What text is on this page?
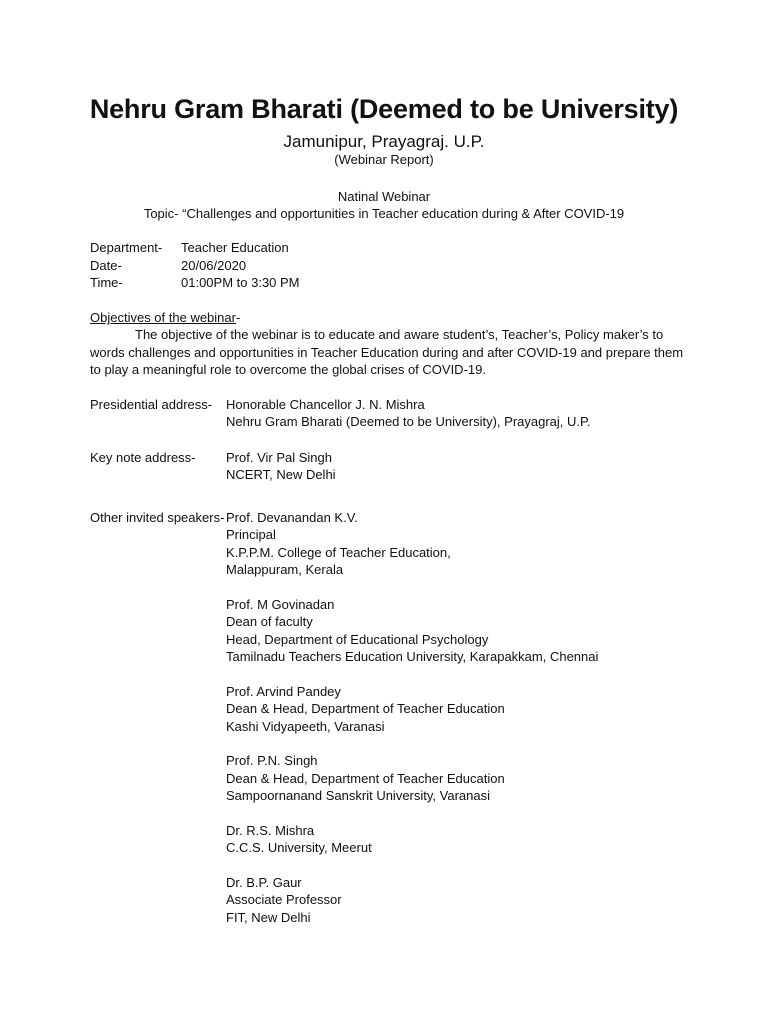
Nehru Gram Bharati (Deemed to be University)
Jamunipur, Prayagraj. U.P.
(Webinar Report)
Natinal Webinar
Topic- “Challenges and opportunities in Teacher education during & After COVID-19
Department- Teacher Education
Date-	20/06/2020
Time-	01:00PM to 3:30 PM
Objectives of the webinar-
The objective of the webinar is to educate and aware student’s, Teacher’s, Policy maker’s to
words challenges and opportunities in Teacher Education during and after COVID-19 and prepare them
to play a meaningful role to overcome the global crises of COVID-19.
Presidential address- Honorable Chancellor J. N. Mishra
Nehru Gram Bharati (Deemed to be University), Prayagraj, U.P.
Key note address- Prof. Vir Pal Singh
NCERT, New Delhi
Other invited speakers- Prof. Devanandan K.V.
Principal
K.P.P.M. College of Teacher Education,
Malappuram, Kerala
Prof. M Govinadan
Dean of faculty
Head, Department of Educational Psychology
Tamilnadu Teachers Education University, Karapakkam, Chennai
Prof. Arvind Pandey
Dean & Head, Department of Teacher Education
Kashi Vidyapeeth, Varanasi
Prof. P.N. Singh
Dean & Head, Department of Teacher Education
Sampoornanand Sanskrit University, Varanasi
Dr. R.S. Mishra
C.C.S. University, Meerut
Dr. B.P. Gaur
Associate Professor
FIT, New Delhi
